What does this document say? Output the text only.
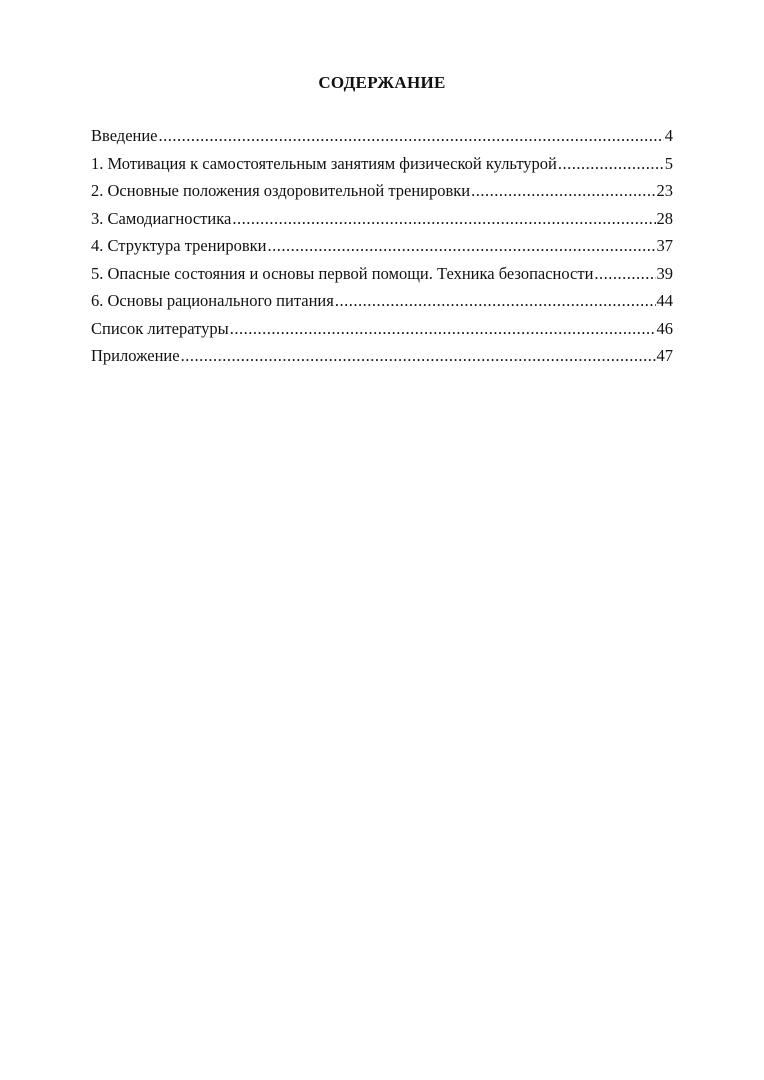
СОДЕРЖАНИЕ
Введение .....	4
1. Мотивация к самостоятельным занятиям физической культурой .....	5
2. Основные положения оздоровительной тренировки .....	23
3. Самодиагностика .....	28
4. Структура тренировки .....	37
5. Опасные состояния и основы первой помощи. Техника безопасности .....	39
6. Основы рационального питания .....	44
Список литературы .....	46
Приложение .....	47
